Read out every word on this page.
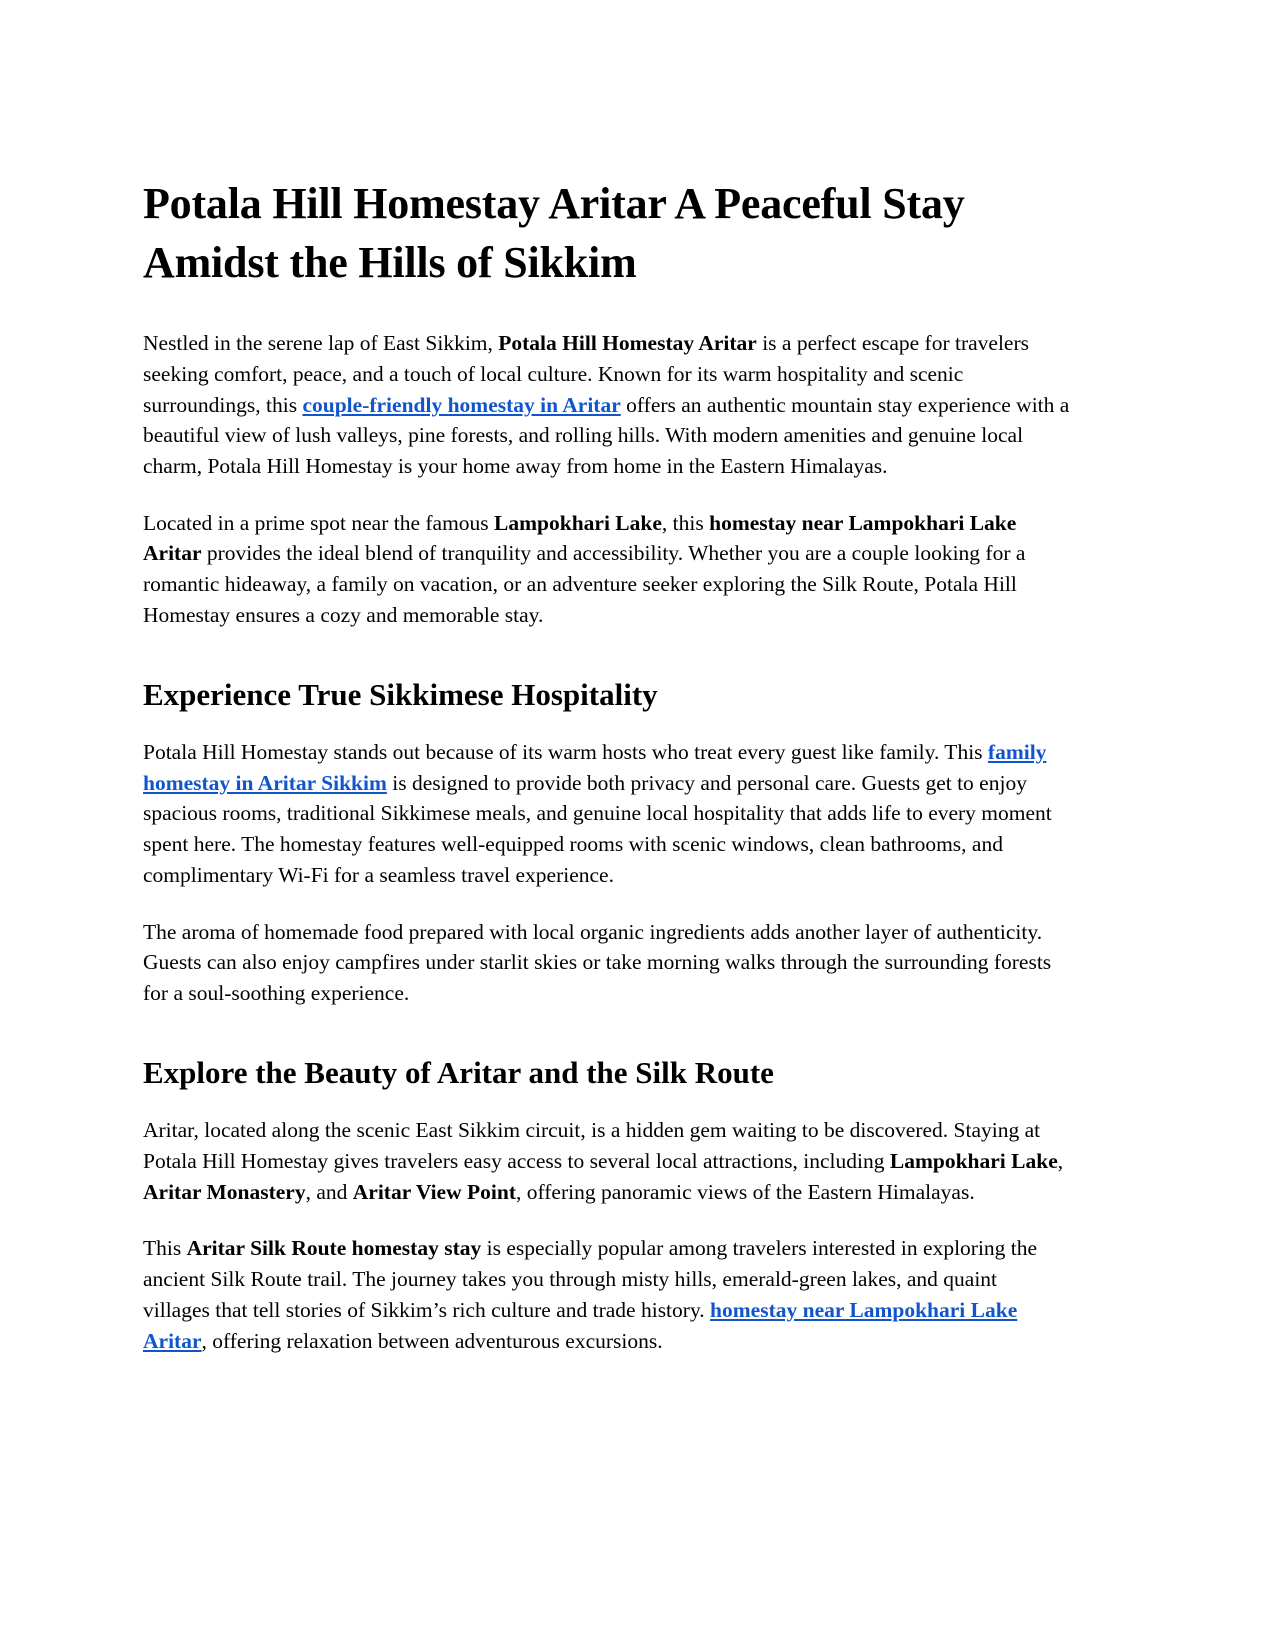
Potala Hill Homestay Aritar A Peaceful Stay Amidst the Hills of Sikkim

Nestled in the serene lap of East Sikkim, Potala Hill Homestay Aritar is a perfect escape for travelers seeking comfort, peace, and a touch of local culture. Known for its warm hospitality and scenic surroundings, this couple-friendly homestay in Aritar offers an authentic mountain stay experience with a beautiful view of lush valleys, pine forests, and rolling hills. With modern amenities and genuine local charm, Potala Hill Homestay is your home away from home in the Eastern Himalayas.

Located in a prime spot near the famous Lampokhari Lake, this homestay near Lampokhari Lake Aritar provides the ideal blend of tranquility and accessibility. Whether you are a couple looking for a romantic hideaway, a family on vacation, or an adventure seeker exploring the Silk Route, Potala Hill Homestay ensures a cozy and memorable stay.

Experience True Sikkimese Hospitality

Potala Hill Homestay stands out because of its warm hosts who treat every guest like family. This family homestay in Aritar Sikkim is designed to provide both privacy and personal care. Guests get to enjoy spacious rooms, traditional Sikkimese meals, and genuine local hospitality that adds life to every moment spent here. The homestay features well-equipped rooms with scenic windows, clean bathrooms, and complimentary Wi-Fi for a seamless travel experience.

The aroma of homemade food prepared with local organic ingredients adds another layer of authenticity. Guests can also enjoy campfires under starlit skies or take morning walks through the surrounding forests for a soul-soothing experience.

Explore the Beauty of Aritar and the Silk Route

Aritar, located along the scenic East Sikkim circuit, is a hidden gem waiting to be discovered. Staying at Potala Hill Homestay gives travelers easy access to several local attractions, including Lampokhari Lake, Aritar Monastery, and Aritar View Point, offering panoramic views of the Eastern Himalayas.

This Aritar Silk Route homestay stay is especially popular among travelers interested in exploring the ancient Silk Route trail. The journey takes you through misty hills, emerald-green lakes, and quaint villages that tell stories of Sikkim’s rich culture and trade history. homestay near Lampokhari Lake Aritar, offering relaxation between adventurous excursions.
